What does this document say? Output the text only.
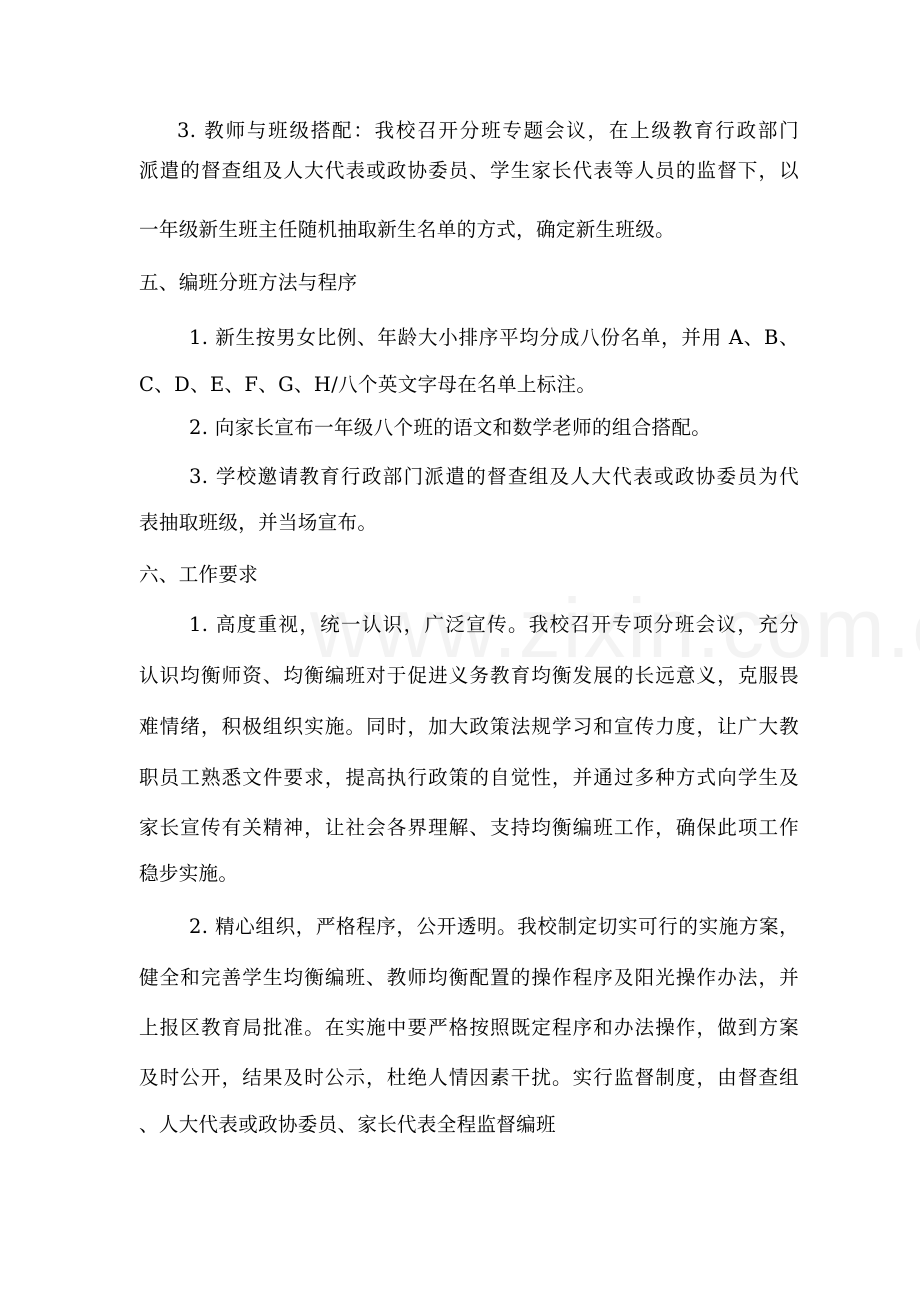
3. 教师与班级搭配：我校召开分班专题会议，在上级教育行政部门
派遣的督查组及人大代表或政协委员、学生家长代表等人员的监督下，以
一年级新生班主任随机抽取新生名单的方式，确定新生班级。
五、编班分班方法与程序
1. 新生按男女比例、年龄大小排序平均分成八份名单，并用 A、B、
C、D、E、F、G、H/八个英文字母在名单上标注。
2. 向家长宣布一年级八个班的语文和数学老师的组合搭配。
3. 学校邀请教育行政部门派遣的督查组及人大代表或政协委员为代
表抽取班级，并当场宣布。
六、工作要求
1. 高度重视，统一认识，广泛宣传。我校召开专项分班会议，充分
认识均衡师资、均衡编班对于促进义务教育均衡发展的长远意义，克服畏
难情绪，积极组织实施。同时，加大政策法规学习和宣传力度，让广大教
职员工熟悉文件要求，提高执行政策的自觉性，并通过多种方式向学生及
家长宣传有关精神，让社会各界理解、支持均衡编班工作，确保此项工作
稳步实施。
2. 精心组织，严格程序，公开透明。我校制定切实可行的实施方案，
健全和完善学生均衡编班、教师均衡配置的操作程序及阳光操作办法，并
上报区教育局批准。在实施中要严格按照既定程序和办法操作，做到方案
及时公开，结果及时公示，杜绝人情因素干扰。实行监督制度，由督查组
、人大代表或政协委员、家长代表全程监督编班
